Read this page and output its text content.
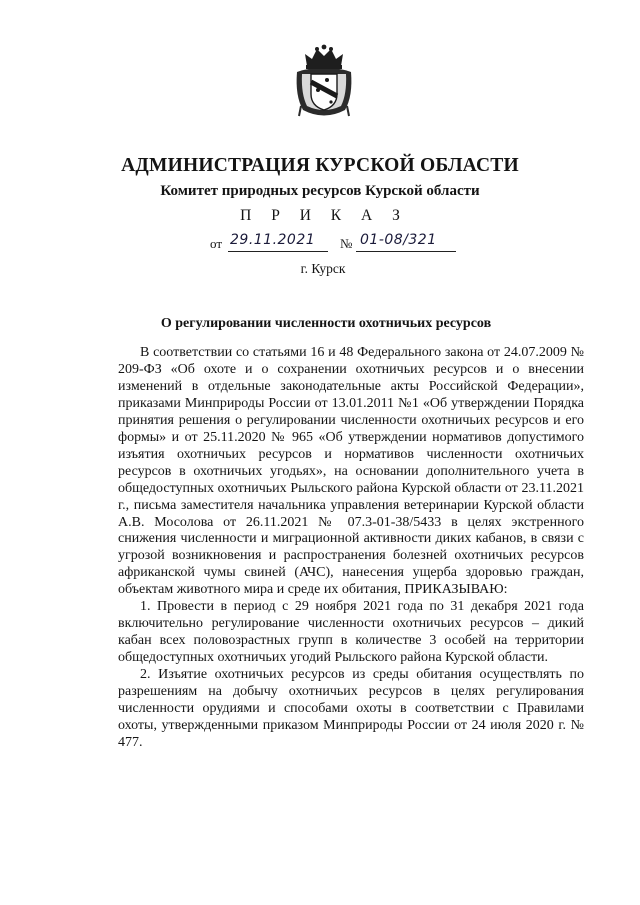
АДМИНИСТРАЦИЯ КУРСКОЙ ОБЛАСТИ
Комитет природных ресурсов Курской области
П Р И К А З
от 29.11.2021 № 01-08/321
г. Курск
О регулировании численности охотничьих ресурсов

В соответствии со статьями 16 и 48 Федерального закона от 24.07.2009 № 209-ФЗ «Об охоте и о сохранении охотничьих ресурсов и о внесении изменений в отдельные законодательные акты Российской Федерации», приказами Минприроды России от 13.01.2011 №1 «Об утверждении Порядка принятия решения о регулировании численности охотничьих ресурсов и его формы» и от 25.11.2020 № 965 «Об утверждении нормативов допустимого изъятия охотничьих ресурсов и нормативов численности охотничьих ресурсов в охотничьих угодьях», на основании дополнительного учета в общедоступных охотничьих Рыльского района Курской области от 23.11.2021 г., письма заместителя начальника управления ветеринарии Курской области А.В. Мосолова от 26.11.2021 № 07.3-01-38/5433 в целях экстренного снижения численности и миграционной активности диких кабанов, в связи с угрозой возникновения и распространения болезней охотничьих ресурсов африканской чумы свиней (АЧС), нанесения ущерба здоровью граждан, объектам животного мира и среде их обитания, ПРИКАЗЫВАЮ:

1. Провести в период с 29 ноября 2021 года по 31 декабря 2021 года включительно регулирование численности охотничьих ресурсов – дикий кабан всех половозрастных групп в количестве 3 особей на территории общедоступных охотничьих угодий Рыльского района Курской области.

2. Изъятие охотничьих ресурсов из среды обитания осуществлять по разрешениям на добычу охотничьих ресурсов в целях регулирования численности орудиями и способами охоты в соответствии с Правилами охоты, утвержденными приказом Минприроды России от 24 июля 2020 г. № 477.
